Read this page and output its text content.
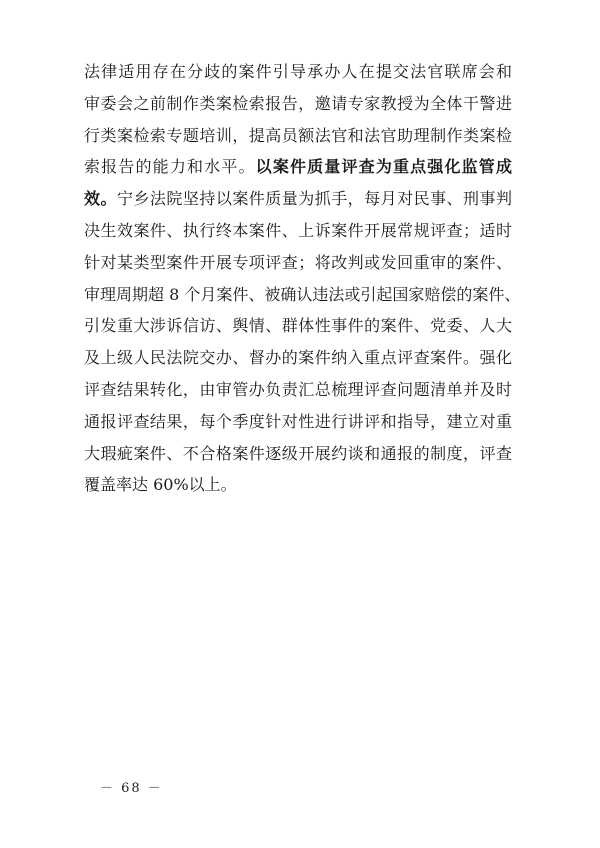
法律适用存在分歧的案件引导承办人在提交法官联席会和
审委会之前制作类案检索报告，邀请专家教授为全体干警进
行类案检索专题培训，提高员额法官和法官助理制作类案检
索报告的能力和水平。以案件质量评查为重点强化监管成
效。宁乡法院坚持以案件质量为抓手，每月对民事、刑事判
决生效案件、执行终本案件、上诉案件开展常规评查；适时
针对某类型案件开展专项评查；将改判或发回重审的案件、
审理周期超 8 个月案件、被确认违法或引起国家赔偿的案件、
引发重大涉诉信访、舆情、群体性事件的案件、党委、人大
及上级人民法院交办、督办的案件纳入重点评查案件。强化
评查结果转化，由审管办负责汇总梳理评查问题清单并及时
通报评查结果，每个季度针对性进行讲评和指导，建立对重
大瑕疵案件、不合格案件逐级开展约谈和通报的制度，评查
覆盖率达 60%以上。
－ 68 －
